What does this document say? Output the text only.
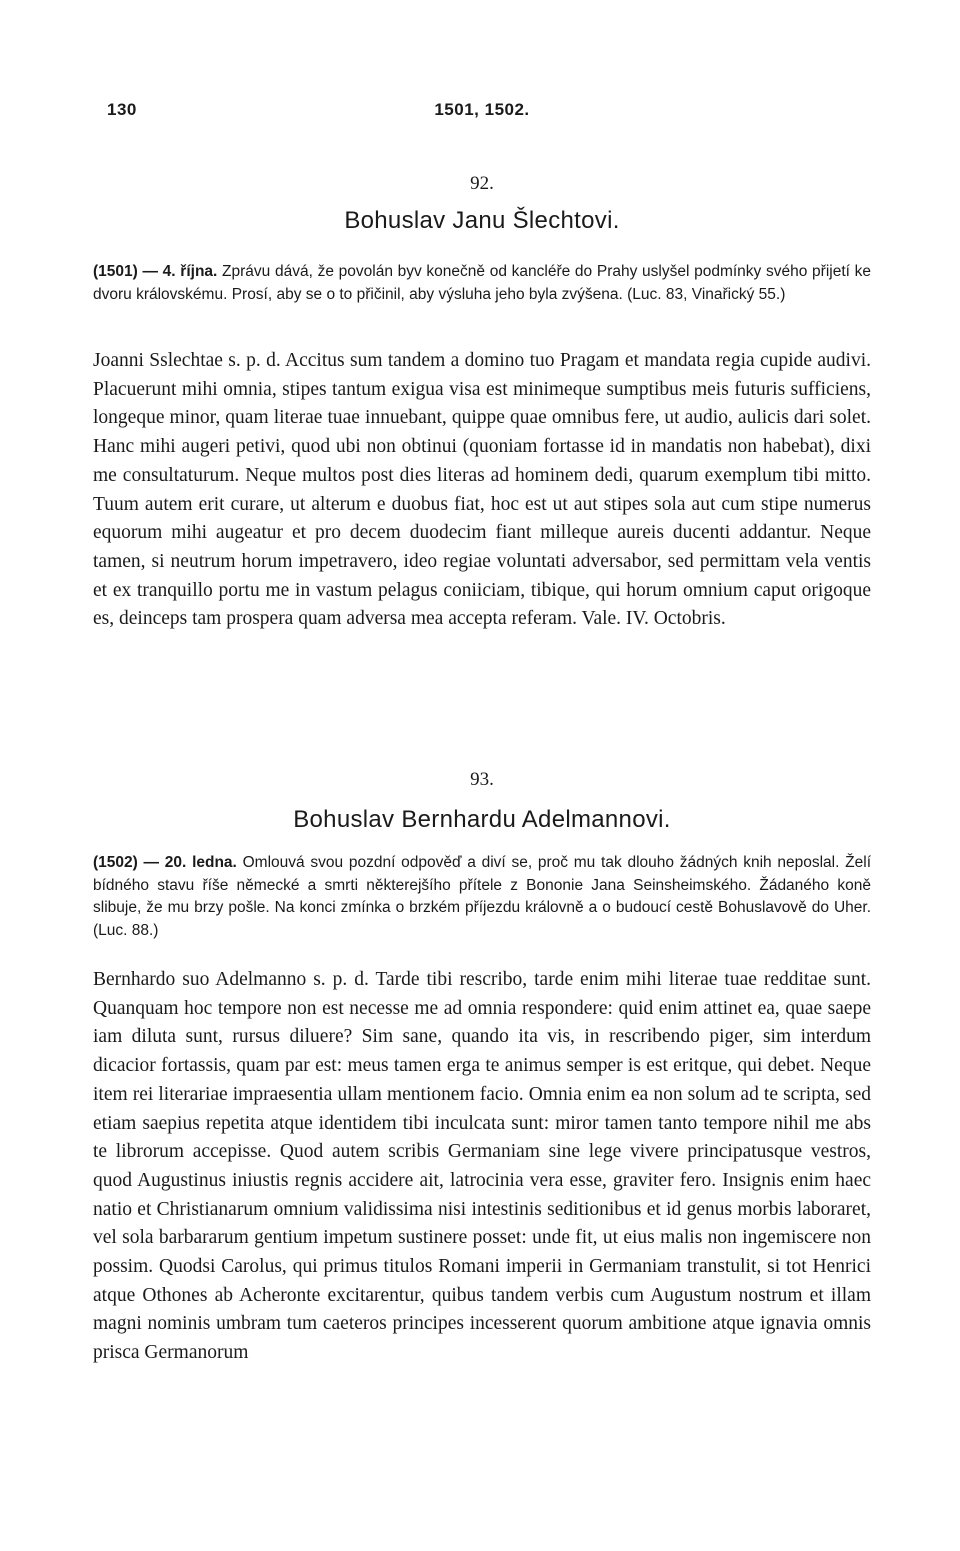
130	1501, 1502.
92.
Bohuslav Janu Šlechtovi.
(1501) — 4. října. Zprávu dává, že povolán byv konečně od kancléře do Prahy uslyšel podmínky svého přijetí ke dvoru královskému. Prosí, aby se o to přičinil, aby výsluha jeho byla zvýšena. (Luc. 83, Vinařický 55.)
Joanni Sslechtae s. p. d. Accitus sum tandem a domino tuo Pragam et mandata regia cupide audivi. Placuerunt mihi omnia, stipes tantum exigua visa est minimeque sumptibus meis futuris sufficiens, longeque minor, quam literae tuae innuebant, quippe quae omnibus fere, ut audio, aulicis dari solet. Hanc mihi augeri petivi, quod ubi non obtinui (quoniam fortasse id in mandatis non habebat), dixi me consultaturum. Neque multos post dies literas ad hominem dedi, quarum exemplum tibi mitto. Tuum autem erit curare, ut alterum e duobus fiat, hoc est ut aut stipes sola aut cum stipe numerus equorum mihi augeatur et pro decem duodecim fiant milleque aureis ducenti addantur. Neque tamen, si neutrum horum impetravero, ideo regiae voluntati adversabor, sed permittam vela ventis et ex tranquillo portu me in vastum pelagus coniiciam, tibique, qui horum omnium caput origoque es, deinceps tam prospera quam adversa mea accepta referam. Vale. IV. Octobris.
93.
Bohuslav Bernhardu Adelmannovi.
(1502) — 20. ledna. Omlouvá svou pozdní odpověď a diví se, proč mu tak dlouho žádných knih neposlal. Želí bídného stavu říše německé a smrti některejšího přítele z Bononie Jana Seinsheimského. Žádaného koně slibuje, že mu brzy pošle. Na konci zmínka o brzkém příjezdu královně a o budoucí cestě Bohuslavově do Uher. (Luc. 88.)
Bernhardo suo Adelmanno s. p. d. Tarde tibi rescribo, tarde enim mihi literae tuae redditae sunt. Quanquam hoc tempore non est necesse me ad omnia respondere: quid enim attinet ea, quae saepe iam diluta sunt, rursus diluere? Sim sane, quando ita vis, in rescribendo piger, sim interdum dicacior fortassis, quam par est: meus tamen erga te animus semper is est eritque, qui debet. Neque item rei literariae impraesentia ullam mentionem facio. Omnia enim ea non solum ad te scripta, sed etiam saepius repetita atque identidem tibi inculcata sunt: miror tamen tanto tempore nihil me abs te librorum accepisse. Quod autem scribis Germaniam sine lege vivere principatusque vestros, quod Augustinus iniustis regnis accidere ait, latrocinia vera esse, graviter fero. Insignis enim haec natio et Christianarum omnium validissima nisi intestinis seditionibus et id genus morbis laboraret, vel sola barbararum gentium impetum sustinere posset: unde fit, ut eius malis non ingemiscere non possim. Quodsi Carolus, qui primus titulos Romani imperii in Germaniam transtulit, si tot Henrici atque Othones ab Acheronte excitarentur, quibus tandem verbis cum Augustum nostrum et illam magni nominis umbram tum caeteros principes incesserent quorum ambitione atque ignavia omnis prisca Germanorum
